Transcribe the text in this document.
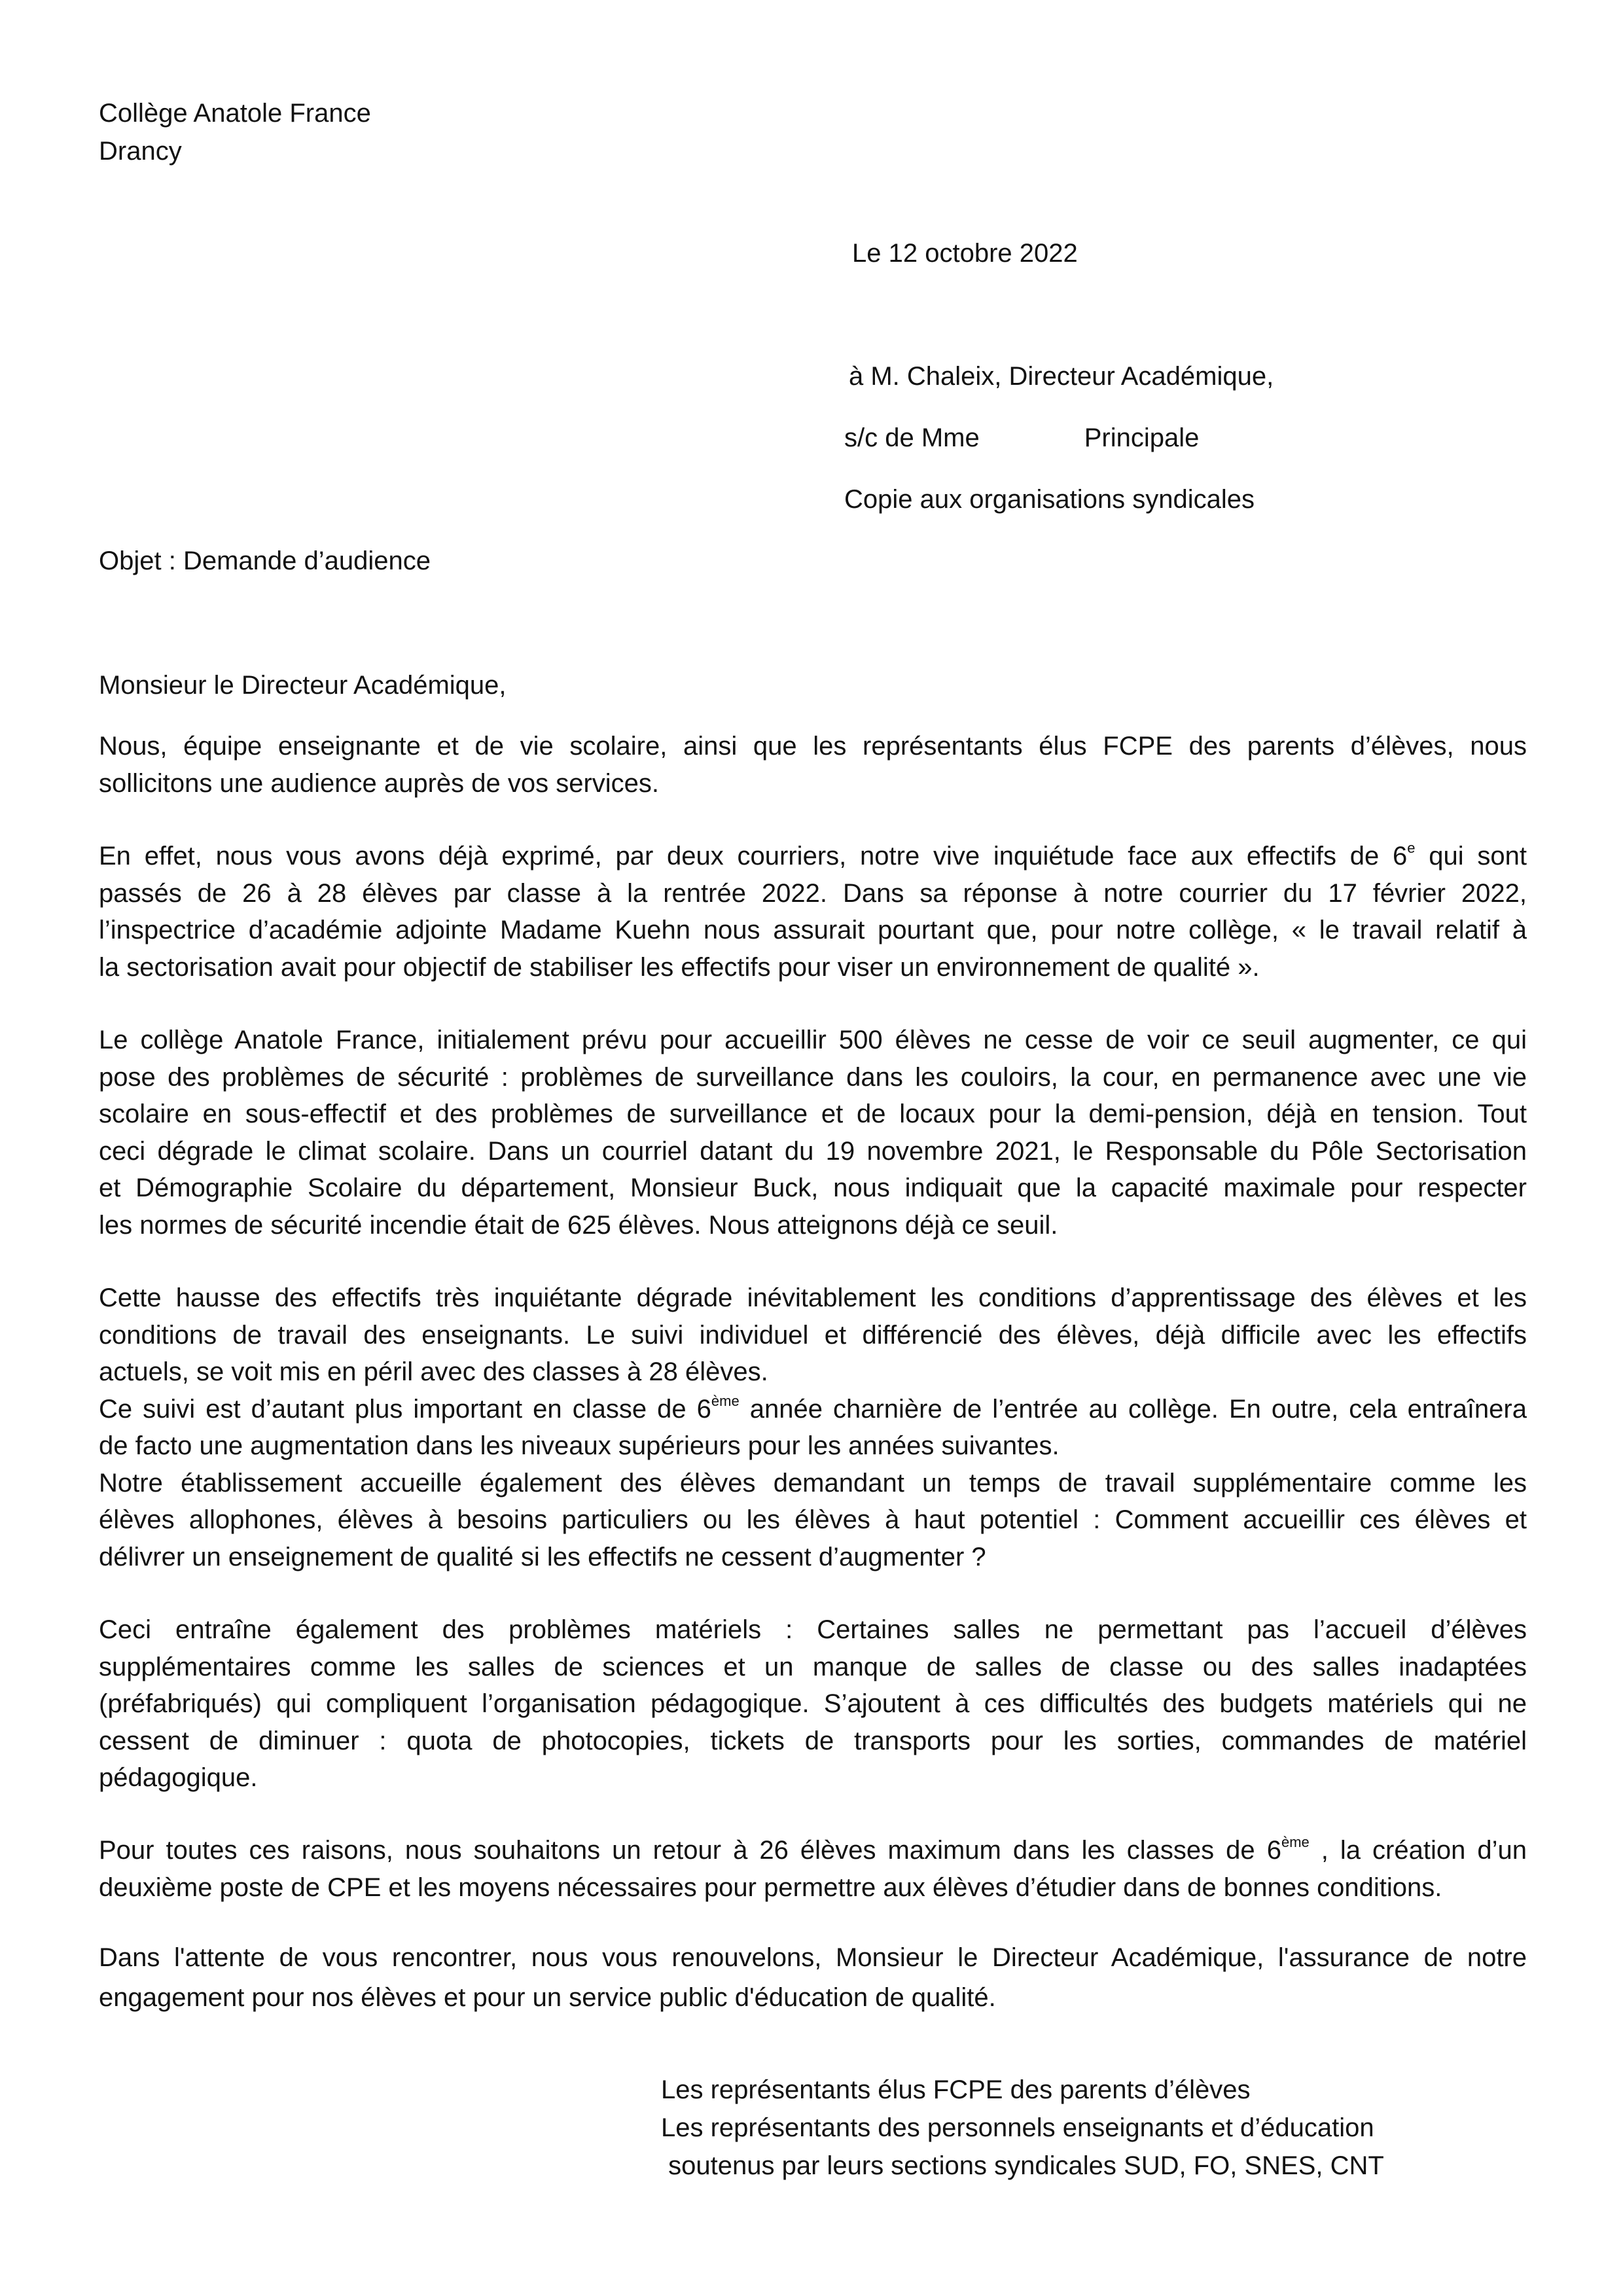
Collège Anatole France
Drancy
Le 12 octobre 2022
à M. Chaleix, Directeur Académique,
s/c de Mme	Principale
Copie aux organisations syndicales
Objet : Demande d’audience
Monsieur le Directeur Académique,
Nous, équipe enseignante et de vie scolaire, ainsi que les représentants élus FCPE des parents d’élèves, nous
sollicitons une audience auprès de vos services.
En effet, nous vous avons déjà exprimé, par deux courriers, notre vive inquiétude face aux effectifs de 6e qui sont
passés de 26 à 28 élèves par classe à la rentrée 2022. Dans sa réponse à notre courrier du 17 février 2022,
l’inspectrice d’académie adjointe Madame Kuehn nous assurait pourtant que, pour notre collège, « le travail relatif à
la sectorisation avait pour objectif de stabiliser les effectifs pour viser un environnement de qualité ».
Le collège Anatole France, initialement prévu pour accueillir 500 élèves ne cesse de voir ce seuil augmenter, ce qui
pose des problèmes de sécurité : problèmes de surveillance dans les couloirs, la cour, en permanence avec une vie
scolaire en sous-effectif et des problèmes de surveillance et de locaux pour la demi-pension, déjà en tension. Tout
ceci dégrade le climat scolaire. Dans un courriel datant du 19 novembre 2021, le Responsable du Pôle Sectorisation
et Démographie Scolaire du département, Monsieur Buck, nous indiquait que la capacité maximale pour respecter
les normes de sécurité incendie était de 625 élèves. Nous atteignons déjà ce seuil.
Cette hausse des effectifs très inquiétante dégrade inévitablement les conditions d’apprentissage des élèves et les
conditions de travail des enseignants. Le suivi individuel et différencié des élèves, déjà difficile avec les effectifs
actuels, se voit mis en péril avec des classes à 28 élèves.
Ce suivi est d’autant plus important en classe de 6ème année charnière de l’entrée au collège. En outre, cela entraînera
de facto une augmentation dans les niveaux supérieurs pour les années suivantes.
Notre établissement accueille également des élèves demandant un temps de travail supplémentaire comme les
élèves allophones, élèves à besoins particuliers ou les élèves à haut potentiel : Comment accueillir ces élèves et
délivrer un enseignement de qualité si les effectifs ne cessent d’augmenter ?
Ceci entraîne également des problèmes matériels : Certaines salles ne permettant pas l’accueil d’élèves
supplémentaires comme les salles de sciences et un manque de salles de classe ou des salles inadaptées
(préfabriqués) qui compliquent l’organisation pédagogique. S’ajoutent à ces difficultés des budgets matériels qui ne
cessent de diminuer : quota de photocopies, tickets de transports pour les sorties, commandes de matériel
pédagogique.
Pour toutes ces raisons, nous souhaitons un retour à 26 élèves maximum dans les classes de 6ème , la création d’un
deuxième poste de CPE et les moyens nécessaires pour permettre aux élèves d’étudier dans de bonnes conditions.
Dans l'attente de vous rencontrer, nous vous renouvelons, Monsieur le Directeur Académique, l'assurance de notre
engagement pour nos élèves et pour un service public d'éducation de qualité.
Les représentants élus FCPE des parents d’élèves
Les représentants des personnels enseignants et d’éducation
soutenus par leurs sections syndicales SUD, FO, SNES, CNT
